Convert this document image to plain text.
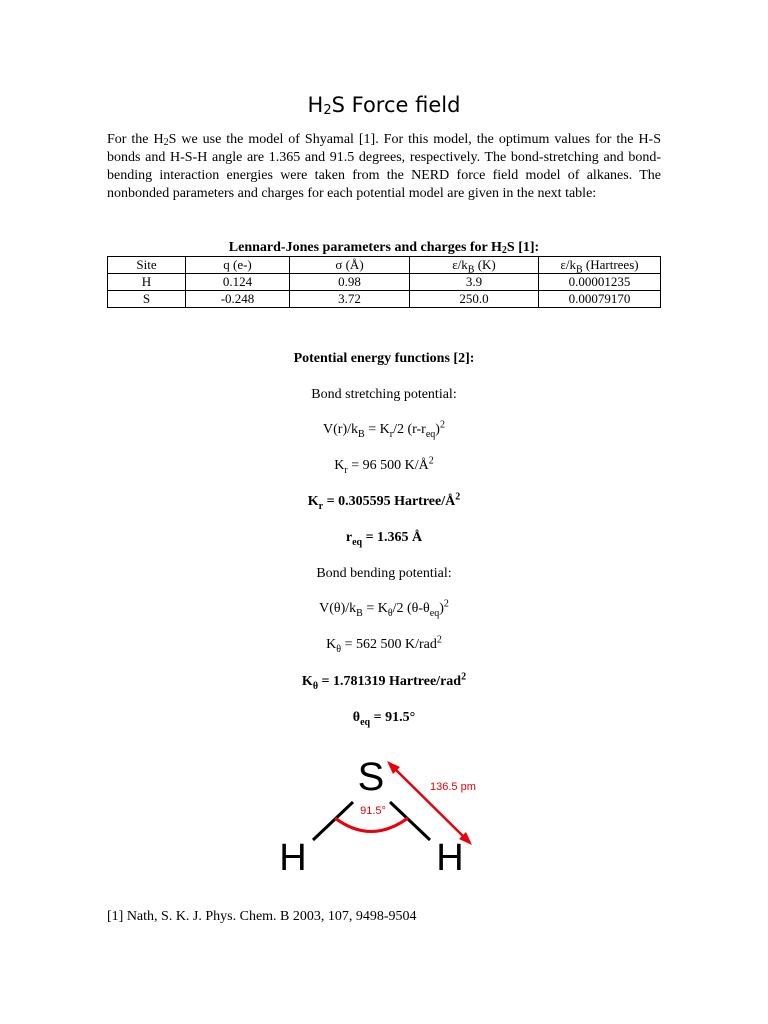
$H_2S$ Force field
For the $H_2S$ we use the model of Shyamal [1]. For this model, the optimum values for the H-S bonds and H-S-H angle are 1.365 and 91.5 degrees, respectively. The bond-stretching and bond-bending interaction energies were taken from the NERD force field model of alkanes. The nonbonded parameters and charges for each potential model are given in the next table:
Lennard-Jones parameters and charges for $H_2S$ [1]:
Site	q (e-)	σ (Å)	$\varepsilon/k_B$ (K)	$\varepsilon/k_B$ (Hartrees)
H	0.124	0.98	3.9	0.00001235
S	-0.248	3.72	250.0	0.00079170
Potential energy functions [2]:
Bond stretching potential:
$V(r)/k_B = K_r/2$ $(r-r_{eq})^2$
$K_r = 96$ 500 $K/Å^2$
$K_r = 0.305595$ Hartree/$Å^2$
$r_{eq} = 1.365$ Å
Bond bending potential:
$V(\theta)/k_B = K_\theta/2$ $(\theta-\theta_{eq})^2$
$K_\theta = 562$ 500 K/rad$^2$
$K_\theta = 1.781319$ Hartree/rad$^2$
$\theta_{eq} = 91.5^\circ$
S
H	H
91.5°
136.5 pm
[1] Nath, S. K. J. Phys. Chem. B 2003, 107, 9498-9504
